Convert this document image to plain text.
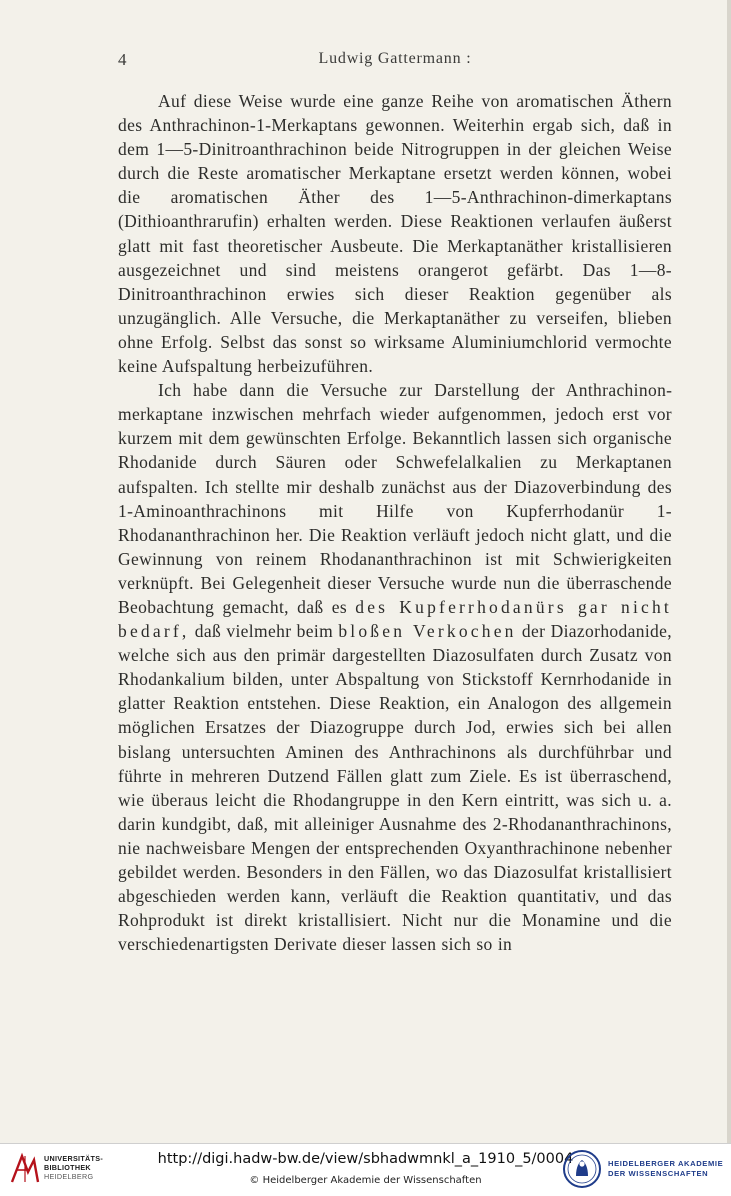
4	Ludwig Gattermann :

Auf diese Weise wurde eine ganze Reihe von aromatischen Äthern des Anthrachinon-1-Merkaptans gewonnen. Weiterhin ergab sich, daß in dem 1—5-Dinitroanthrachinon beide Nitrogruppen in der gleichen Weise durch die Reste aromatischer Merkaptane ersetzt werden können, wobei die aromatischen Äther des 1—5-Anthrachinon-dimerkaptans (Dithioanthrarufin) erhalten werden. Diese Reaktionen verlaufen äußerst glatt mit fast theoretischer Ausbeute. Die Merkaptanäther kristallisieren ausgezeichnet und sind meistens orangerot gefärbt. Das 1—8-Dinitroanthrachinon erwies sich dieser Reaktion gegenüber als unzugänglich. Alle Versuche, die Merkaptanäther zu verseifen, blieben ohne Erfolg. Selbst das sonst so wirksame Aluminiumchlorid vermochte keine Aufspaltung herbeizuführen.

Ich habe dann die Versuche zur Darstellung der Anthrachinonmerkaptane inzwischen mehrfach wieder aufgenommen, jedoch erst vor kurzem mit dem gewünschten Erfolge. Bekanntlich lassen sich organische Rhodanide durch Säuren oder Schwefelalkalien zu Merkaptanen aufspalten. Ich stellte mir deshalb zunächst aus der Diazoverbindung des 1-Aminoanthrachinons mit Hilfe von Kupferrhodanür 1-Rhodananthrachinon her. Die Reaktion verläuft jedoch nicht glatt, und die Gewinnung von reinem Rhodananthrachinon ist mit Schwierigkeiten verknüpft. Bei Gelegenheit dieser Versuche wurde nun die überraschende Beobachtung gemacht, daß es des Kupferrhodanürs gar nicht bedarf, daß vielmehr beim bloßen Verkochen der Diazorhodanide, welche sich aus den primär dargestellten Diazosulfaten durch Zusatz von Rhodankalium bilden, unter Abspaltung von Stickstoff Kernrhodanide in glatter Reaktion entstehen. Diese Reaktion, ein Analogon des allgemein möglichen Ersatzes der Diazogruppe durch Jod, erwies sich bei allen bislang untersuchten Aminen des Anthrachinons als durchführbar und führte in mehreren Dutzend Fällen glatt zum Ziele. Es ist überraschend, wie überaus leicht die Rhodangruppe in den Kern eintritt, was sich u. a. darin kundgibt, daß, mit alleiniger Ausnahme des 2-Rhodananthrachinons, nie nachweisbare Mengen der entsprechenden Oxyanthrachinone nebenher gebildet werden. Besonders in den Fällen, wo das Diazosulfat kristallisiert abgeschieden werden kann, verläuft die Reaktion quantitativ, und das Rohprodukt ist direkt kristallisiert. Nicht nur die Monamine und die verschiedenartigsten Derivate dieser lassen sich so in

UNIVERSITÄTS-
BIBLIOTHEK
HEIDELBERG
http://digi.hadw-bw.de/view/sbhadwmnkl_a_1910_5/0004
© Heidelberger Akademie der Wissenschaften
HEIDELBERGER AKADEMIE
DER WISSENSCHAFTEN
